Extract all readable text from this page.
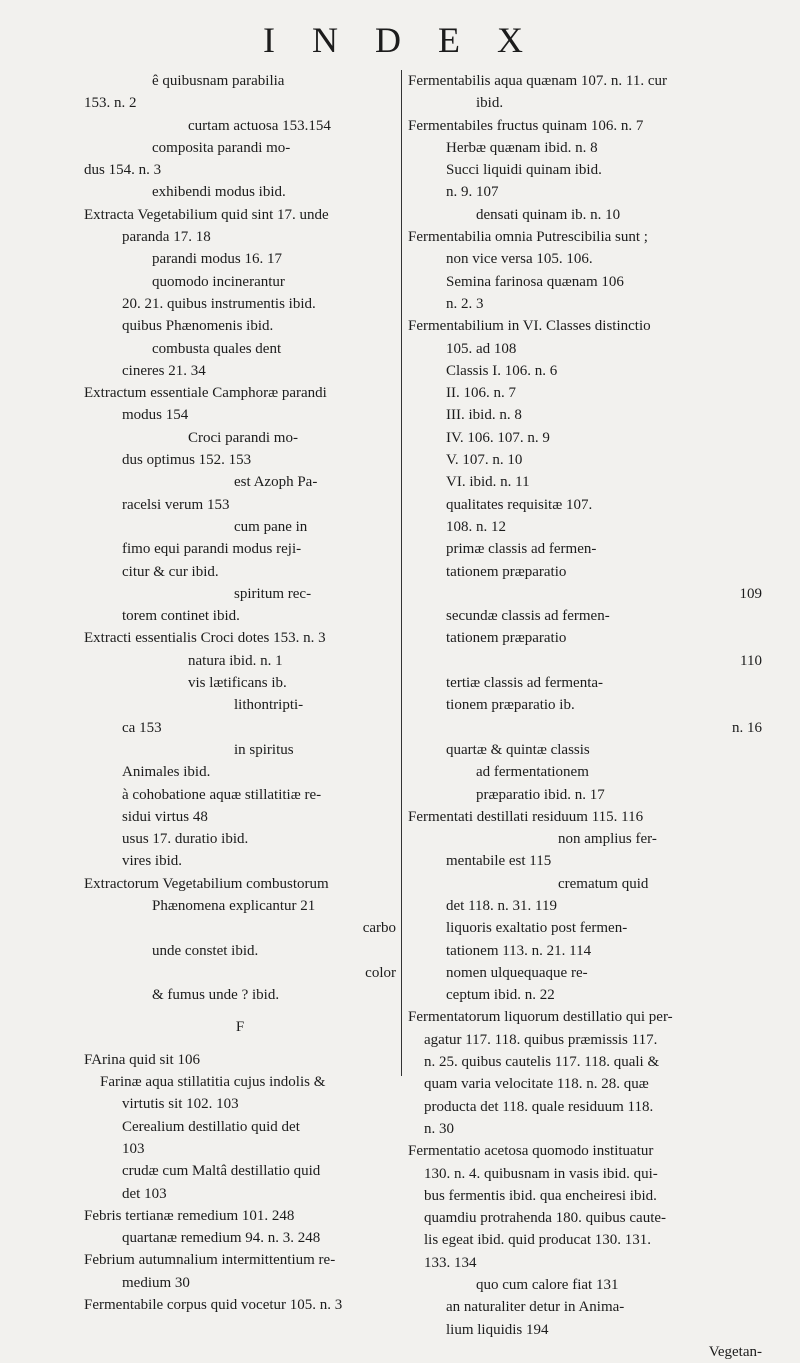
I N D E X
ê quibusnam parabilia
153. n. 2
curtam actuosa 153.154
composita parandi mo-
dus 154. n. 3
exhibendi modus ibid.
Extracta Vegetabilium quid sint 17. unde
paranda 17. 18
parandi modus 16. 17
quomodo incinerantur
20. 21. quibus instrumentis ibid.
quibus Phænomenis ibid.
combusta quales dent
cineres 21. 34
Extractum essentiale Camphoræ parandi
modus 154
Croci parandi mo-
dus optimus 152. 153
est Azoph Pa-
racelsi verum 153
cum pane in
fimo equi parandi modus reji-
citur & cur ibid.
spiritum rec-
torem continet ibid.
Extracti essentialis Croci dotes 153. n. 3
natura ibid. n. 1
vis lætificans ib.
lithontripti-
ca 153
in spiritus
Animales ibid.
à cohobatione aquæ stillatitiæ re-
sidui virtus 48
usus 17. duratio ibid.
vires ibid.
Extractorum Vegetabilium combustorum
Phænomena explicantur 21
carbo
unde constet ibid.
color
& fumus unde ? ibid.

F

FArina quid sit 106
Farinæ aqua stillatitia cujus indolis &
virtutis sit 102. 103
Cerealium destillatio quid det
103
crudæ cum Maltâ destillatio quid
det 103
Febris tertianæ remedium 101. 248
quartanæ remedium 94. n. 3. 248
Febrium autumnalium intermittentium re-
medium 30
Fermentabile corpus quid vocetur 105. n. 3
Fermentabilis aqua quænam 107. n. 11. cur
ibid.
Fermentabiles fructus quinam 106. n. 7
Herbæ quænam ibid. n. 8
Succi liquidi quinam ibid.
n. 9. 107
densati quinam ib. n. 10
Fermentabilia omnia Putrescibilia sunt ;
non vice versa 105. 106.
Semina farinosa quænam 106
n. 2. 3
Fermentabilium in VI. Classes distinctio
105. ad 108
Classis I. 106. n. 6
II. 106. n. 7
III. ibid. n. 8
IV. 106. 107. n. 9
V. 107. n. 10
VI. ibid. n. 11
qualitates requisitæ 107.
108. n. 12
primæ classis ad fermen-
tationem præparatio
109
secundæ classis ad fermen-
tationem præparatio
110
tertiæ classis ad fermenta-
tionem præparatio ib.
n. 16
quartæ & quintæ classis
ad fermentationem
præparatio ibid. n. 17
Fermentati destillati residuum 115. 116
non amplius fer-
mentabile est 115
crematum quid
det 118. n. 31. 119
liquoris exaltatio post fermen-
tationem 113. n. 21. 114
nomen ulquequaque re-
ceptum ibid. n. 22
Fermentatorum liquorum destillatio qui per-
agatur 117. 118. quibus præmissis 117.
n. 25. quibus cautelis 117. 118. quali &
quam varia velocitate 118. n. 28. quæ
producta det 118. quale residuum 118.
n. 30
Fermentatio acetosa quomodo instituatur
130. n. 4. quibusnam in vasis ibid. qui-
bus fermentis ibid. qua encheiresi ibid.
quamdiu protrahenda 180. quibus caute-
lis egeat ibid. quid producat 130. 131.
133. 134
quo cum calore fiat 131
an naturaliter detur in Anima-
lium liquidis 194
Vegetan-
